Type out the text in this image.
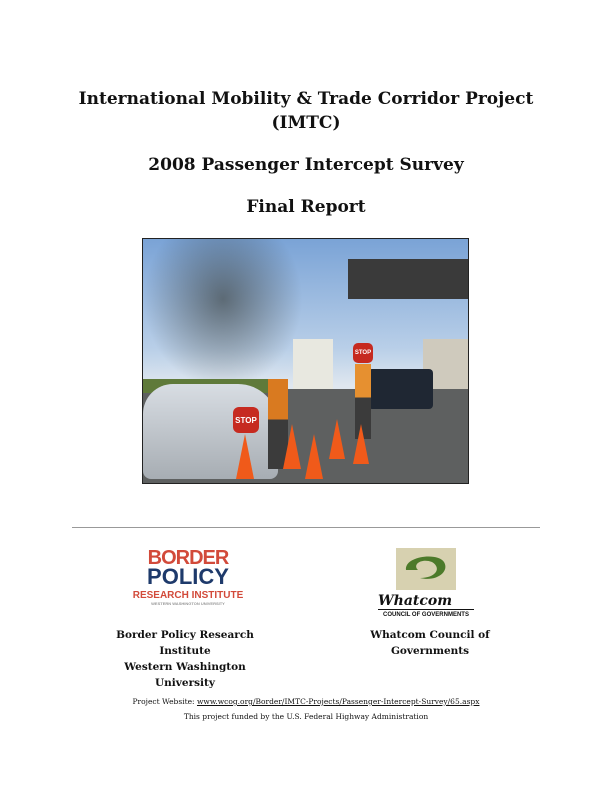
International Mobility & Trade Corridor Project
(IMTC)
2008 Passenger Intercept Survey
Final Report
STOP
STOP
BORDER
POLICY
RESEARCH INSTITUTE
WESTERN WASHINGTON UNIVERSITY	Whatcom
COUNCIL OF GOVERNMENTS
Border Policy Research Institute
Western Washington University
Whatcom Council of Governments
Project Website: www.wcog.org/Border/IMTC-Projects/Passenger-Intercept-Survey/65.aspx
This project funded by the U.S. Federal Highway Administration
